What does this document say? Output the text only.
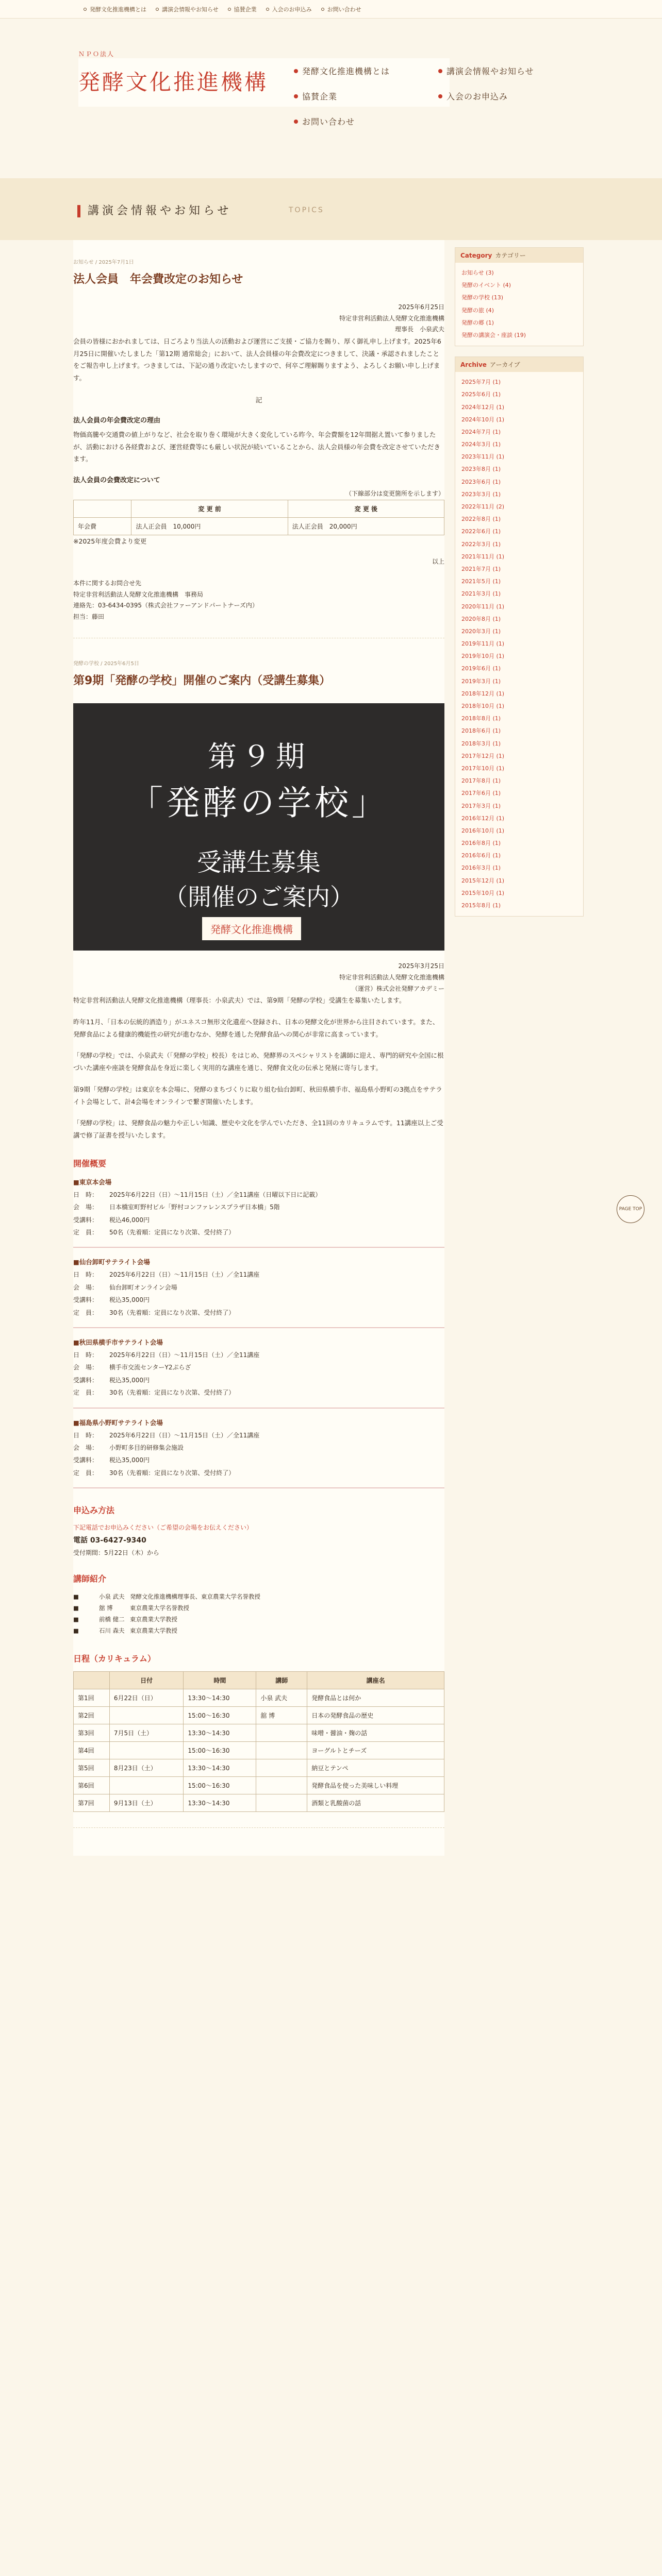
発酵文化推進機構とは	講演会情報やお知らせ	協賛企業	入会のお申込み	お問い合わせ
ＮＰＯ法人
発酵文化推進機構	発酵文化推進機構とは	講演会情報やお知らせ
協賛企業	入会のお申込み
お問い合わせ
講演会情報やお知らせ	TOPICS
お知らせ / 2025年7月1日
法人会員　年会費改定のお知らせ
2025年6月25日
特定非営利活動法人発酵文化推進機構
理事長　小泉武夫

会員の皆様におかれましては、日ごろより当法人の活動および運営にご支援・ご協力を賜り、厚く御礼申し上げます。2025年6月25日に開催いたしました「第12期 通常総会」において、法人会員様の年会費改定につきまして、決議・承認されましたことをご報告申し上げます。つきましては、下記の通り改定いたしますので、何卒ご理解賜りますよう、よろしくお願い申し上げます。

記
法人会員の年会費改定の理由

物価高騰や交通費の値上がりなど、社会を取り巻く環境が大きく変化している昨今、年会費額を12年間据え置いて参りましたが、活動における各経費および、運営経費等にも厳しい状況が続いていることから、法人会員様の年会費を改定させていただきます。

法人会員の会費改定について
（下線部分は変更箇所を示します）
	変 更 前	変 更 後
年会費	法人正会員　10,000円	法人正会員　20,000円

※2025年度会費より変更

以上
本件に関するお問合せ先
特定非営利活動法人発酵文化推進機構　事務局
連絡先：03-6434-0395（株式会社ファーアンドパートナーズ内）
担当：藤田
発酵の学校 / 2025年6月5日
第9期「発酵の学校」開催のご案内（受講生募集）
第９期
「発酵の学校」
受講生募集
（開催のご案内）
発酵文化推進機構
2025年3月25日
特定非営利活動法人発酵文化推進機構
（運営）株式会社発酵アカデミー

特定非営利活動法人発酵文化推進機構（理事長：小泉武夫）では、第9期「発酵の学校」受講生を募集いたします。

昨年11月、「日本の伝統的酒造り」がユネスコ無形文化遺産へ登録され、日本の発酵文化が世界から注目されています。また、発酵食品による健康的機能性の研究が進むなか、発酵を通した発酵食品への関心が非常に高まっています。

「発酵の学校」では、小泉武夫（「発酵の学校」校長）をはじめ、発酵界のスペシャリストを講師に迎え、専門的研究や全国に根づいた講座や座談を発酵食品を身近に楽しく実用的な講座を通じ、発酵食文化の伝承と発展に寄与します。

第9期「発酵の学校」は東京を本会場に、発酵のまちづくりに取り組む仙台卸町、秋田県横手市、福島県小野町の3拠点をサテライト会場として、計4会場をオンラインで繋ぎ開催いたします。

「発酵の学校」は、発酵食品の魅力や正しい知識、歴史や文化を学んでいただき、全11回のカリキュラムです。11講座以上ご受講で修了証書を授与いたします。

開催概要
■東京本会場
日　時：	2025年6月22日（日）〜11月15日（土）／全11講座（日曜以下日に記載）
会　場：	日本橋室町野村ビル「野村コンファレンスプラザ日本橋」5階
受講料：	税込46,000円
定　員：	50名（先着順：定員になり次第、受付終了）
■仙台卸町サテライト会場
日　時：	2025年6月22日（日）〜11月15日（土）／全11講座
会　場：	仙台卸町オンライン会場
受講料：	税込35,000円
定　員：	30名（先着順：定員になり次第、受付終了）
■秋田県横手市サテライト会場
日　時：	2025年6月22日（日）〜11月15日（土）／全11講座
会　場：	横手市交流センターY2ぷらざ
受講料：	税込35,000円
定　員：	30名（先着順：定員になり次第、受付終了）
■福島県小野町サテライト会場
日　時：	2025年6月22日（日）〜11月15日（土）／全11講座
会　場：	小野町多目的研修集会施設
受講料：	税込35,000円
定　員：	30名（先着順：定員になり次第、受付終了）
申込み方法
下記電話でお申込みください（ご希望の会場をお伝えください）
電話 03-6427-9340
受付期間：5月22日（木）から
講師紹介
■	小泉 武夫 発酵文化推進機構理事長、東京農業大学名誉教授
■	舘 博	東京農業大学名誉教授
■	前橋 健二 東京農業大学教授
■	石川 森夫 東京農業大学教授
日程（カリキュラム）
	日付	時間	講師	講座名
第1回	6月22日（日）	13:30〜14:30	小泉 武夫	発酵食品とは何か
第2回		15:00〜16:30	舘 博	日本の発酵食品の歴史
第3回	7月5日（土）	13:30〜14:30		味噌・醤油・麹の話
第4回		15:00〜16:30		ヨーグルトとチーズ
第5回	8月23日（土）	13:30〜14:30		納豆とテンペ
第6回		15:00〜16:30		発酵食品を使った美味しい料理
第7回	9月13日（土）	13:30〜14:30		酒類と乳酸菌の話
Category カテゴリー
お知らせ (3)
発酵のイベント (4)
発酵の学校 (13)
発酵の旅 (4)
発酵の郷 (1)
発酵の講演会・座談 (19)
Archive アーカイブ
2025年7月 (1)
2025年6月 (1)
2024年12月 (1)
2024年10月 (1)
2024年7月 (1)
2024年3月 (1)
2023年11月 (1)
2023年8月 (1)
2023年6月 (1)
2023年3月 (1)
2022年11月 (2)
2022年8月 (1)
2022年6月 (1)
2022年3月 (1)
2021年11月 (1)
2021年7月 (1)
2021年5月 (1)
2021年3月 (1)
2020年11月 (1)
2020年8月 (1)
2020年3月 (1)
2019年11月 (1)
2019年10月 (1)
2019年6月 (1)
2019年3月 (1)
2018年12月 (1)
2018年10月 (1)
2018年8月 (1)
2018年6月 (1)
2018年3月 (1)
2017年12月 (1)
2017年10月 (1)
2017年8月 (1)
2017年6月 (1)
2017年3月 (1)
2016年12月 (1)
2016年10月 (1)
2016年8月 (1)
2016年6月 (1)
2016年3月 (1)
2015年12月 (1)
2015年10月 (1)
2015年8月 (1)
PAGE TOP
